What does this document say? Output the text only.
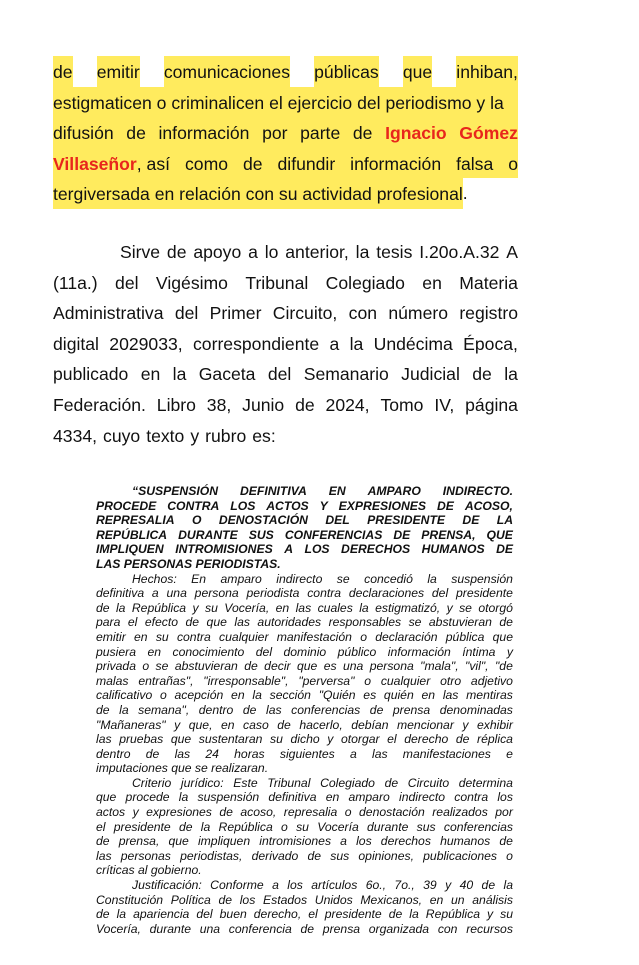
de emitir comunicaciones públicas que inhiban,
estigmaticen o criminalicen el ejercicio del periodismo y la
difusión de información por parte de Ignacio Gómez
Villaseñor, así como de difundir información falsa o
tergiversada en relación con su actividad profesional .
Sirve de apoyo a lo anterior, la tesis I.20o.A.32 A
(11a.) del Vigésimo Tribunal Colegiado en Materia
Administrativa del Primer Circuito, con número registro
digital 2029033, correspondiente a la Undécima Época,
publicado en la Gaceta del Semanario Judicial de la
Federación. Libro 38, Junio de 2024, Tomo IV, página
4334, cuyo texto y rubro es:
“SUSPENSIÓN DEFINITIVA EN AMPARO INDIRECTO.
PROCEDE CONTRA LOS ACTOS Y EXPRESIONES DE ACOSO,
REPRESALIA O DENOSTACIÓN DEL PRESIDENTE DE LA
REPÚBLICA DURANTE SUS CONFERENCIAS DE PRENSA, QUE
IMPLIQUEN INTROMISIONES A LOS DERECHOS HUMANOS DE
LAS PERSONAS PERIODISTAS.
Hechos: En amparo indirecto se concedió la suspensión
definitiva a una persona periodista contra declaraciones del presidente
de la República y su Vocería, en las cuales la estigmatizó, y se otorgó
para el efecto de que las autoridades responsables se abstuvieran de
emitir en su contra cualquier manifestación o declaración pública que
pusiera en conocimiento del dominio público información íntima y
privada o se abstuvieran de decir que es una persona "mala", "vil", "de
malas entrañas", "irresponsable", "perversa" o cualquier otro adjetivo
calificativo o acepción en la sección "Quién es quién en las mentiras
de la semana", dentro de las conferencias de prensa denominadas
"Mañaneras" y que, en caso de hacerlo, debían mencionar y exhibir
las pruebas que sustentaran su dicho y otorgar el derecho de réplica
dentro de las 24 horas siguientes a las manifestaciones e
imputaciones que se realizaran.
Criterio jurídico: Este Tribunal Colegiado de Circuito determina
que procede la suspensión definitiva en amparo indirecto contra los
actos y expresiones de acoso, represalia o denostación realizados por
el presidente de la República o su Vocería durante sus conferencias
de prensa, que impliquen intromisiones a los derechos humanos de
las personas periodistas, derivado de sus opiniones, publicaciones o
críticas al gobierno.
Justificación: Conforme a los artículos 6o., 7o., 39 y 40 de la
Constitución Política de los Estados Unidos Mexicanos, en un análisis
de la apariencia del buen derecho, el presidente de la República y su
Vocería, durante una conferencia de prensa organizada con recursos
